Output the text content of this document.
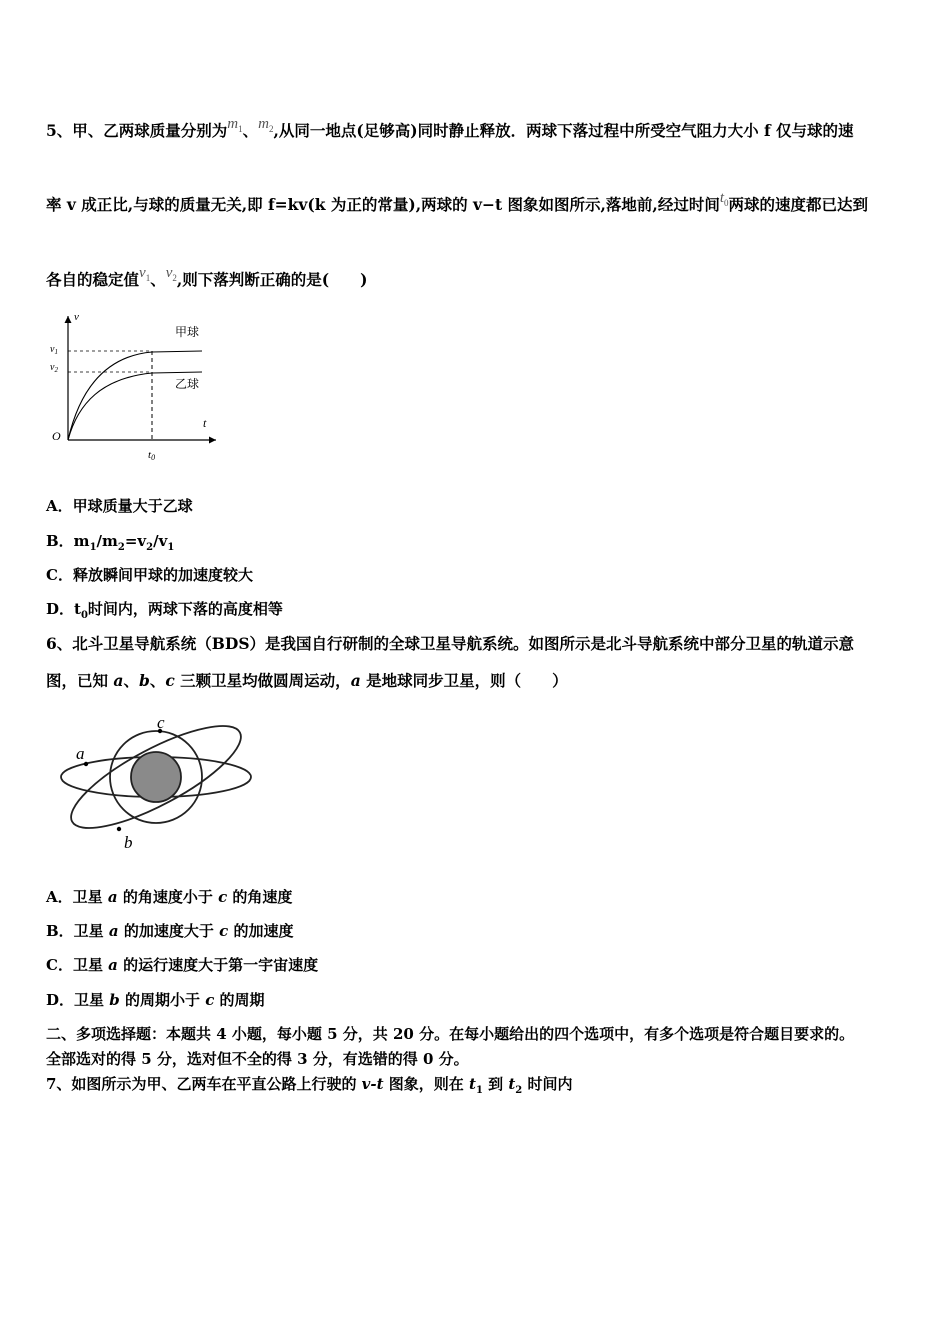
5、甲、乙两球质量分别为$m_1$、$m_2$,从同一地点(足够高)同时静止释放．两球下落过程中所受空气阻力大小 f 仅与球的速
率 v 成正比,与球的质量无关,即 f=kv(k 为正的常量),两球的 v−t 图象如图所示,落地前,经过时间$t_0$两球的速度都已达到
各自的稳定值$v_1$、$v_2$,则下落判断正确的是(　　)
v
t
O
$v_1$
$v_2$
t0
甲球
乙球
A．甲球质量大于乙球
B．$m_1/m_2=v_2/v_1$
C．释放瞬间甲球的加速度较大
D．$t_0$时间内，两球下落的高度相等
6、北斗卫星导航系统（BDS）是我国自行研制的全球卫星导航系统。如图所示是北斗导航系统中部分卫星的轨道示意
图，已知 a、b、c 三颗卫星均做圆周运动，a 是地球同步卫星，则（　　）
a
c
b
A．卫星 a 的角速度小于 c 的角速度
B．卫星 a 的加速度大于 c 的加速度
C．卫星 a 的运行速度大于第一宇宙速度
D．卫星 b 的周期小于 c 的周期
二、多项选择题：本题共 4 小题，每小题 5 分，共 20 分。在每小题给出的四个选项中，有多个选项是符合题目要求的。
全部选对的得 5 分，选对但不全的得 3 分，有选错的得 0 分。
7、如图所示为甲、乙两车在平直公路上行驶的 v-t 图象，则在 $t_1$ 到 $t_2$ 时间内
